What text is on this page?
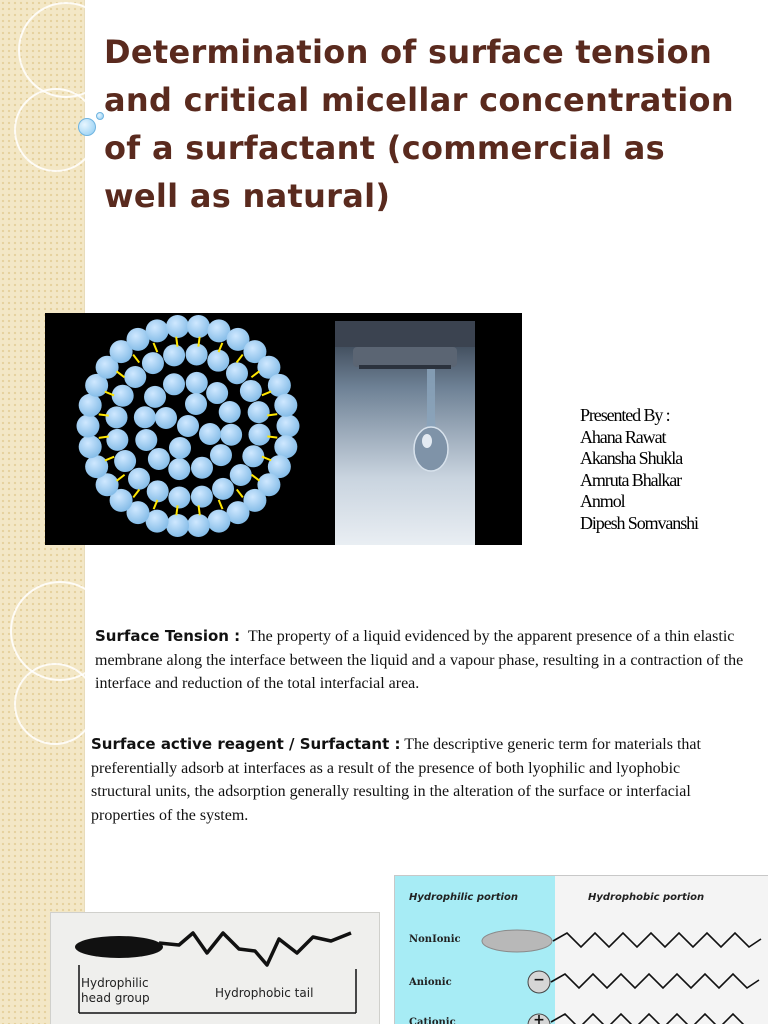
Determination of surface tension and critical micellar concentration of a surfactant (commercial as well as natural)
Presented By :
Ahana Rawat
Akansha Shukla
Amruta Bhalkar
Anmol
Dipesh Somvanshi

Surface Tension : The property of a liquid evidenced by the apparent presence of a thin elastic membrane along the interface between the liquid and a vapour phase, resulting in a contraction of the interface and reduction of the total interfacial area.

Surface active reagent / Surfactant : The descriptive generic term for materials that preferentially adsorb at interfaces as a result of the presence of both lyophilic and lyophobic structural units, the adsorption generally resulting in the alteration of the surface or interfacial properties of the system.

Hydrophilic head group	Hydrophobic tail
Hydrophilic portion	Hydrophobic portion
NonIonic
Anionic
Cationic
−
+
